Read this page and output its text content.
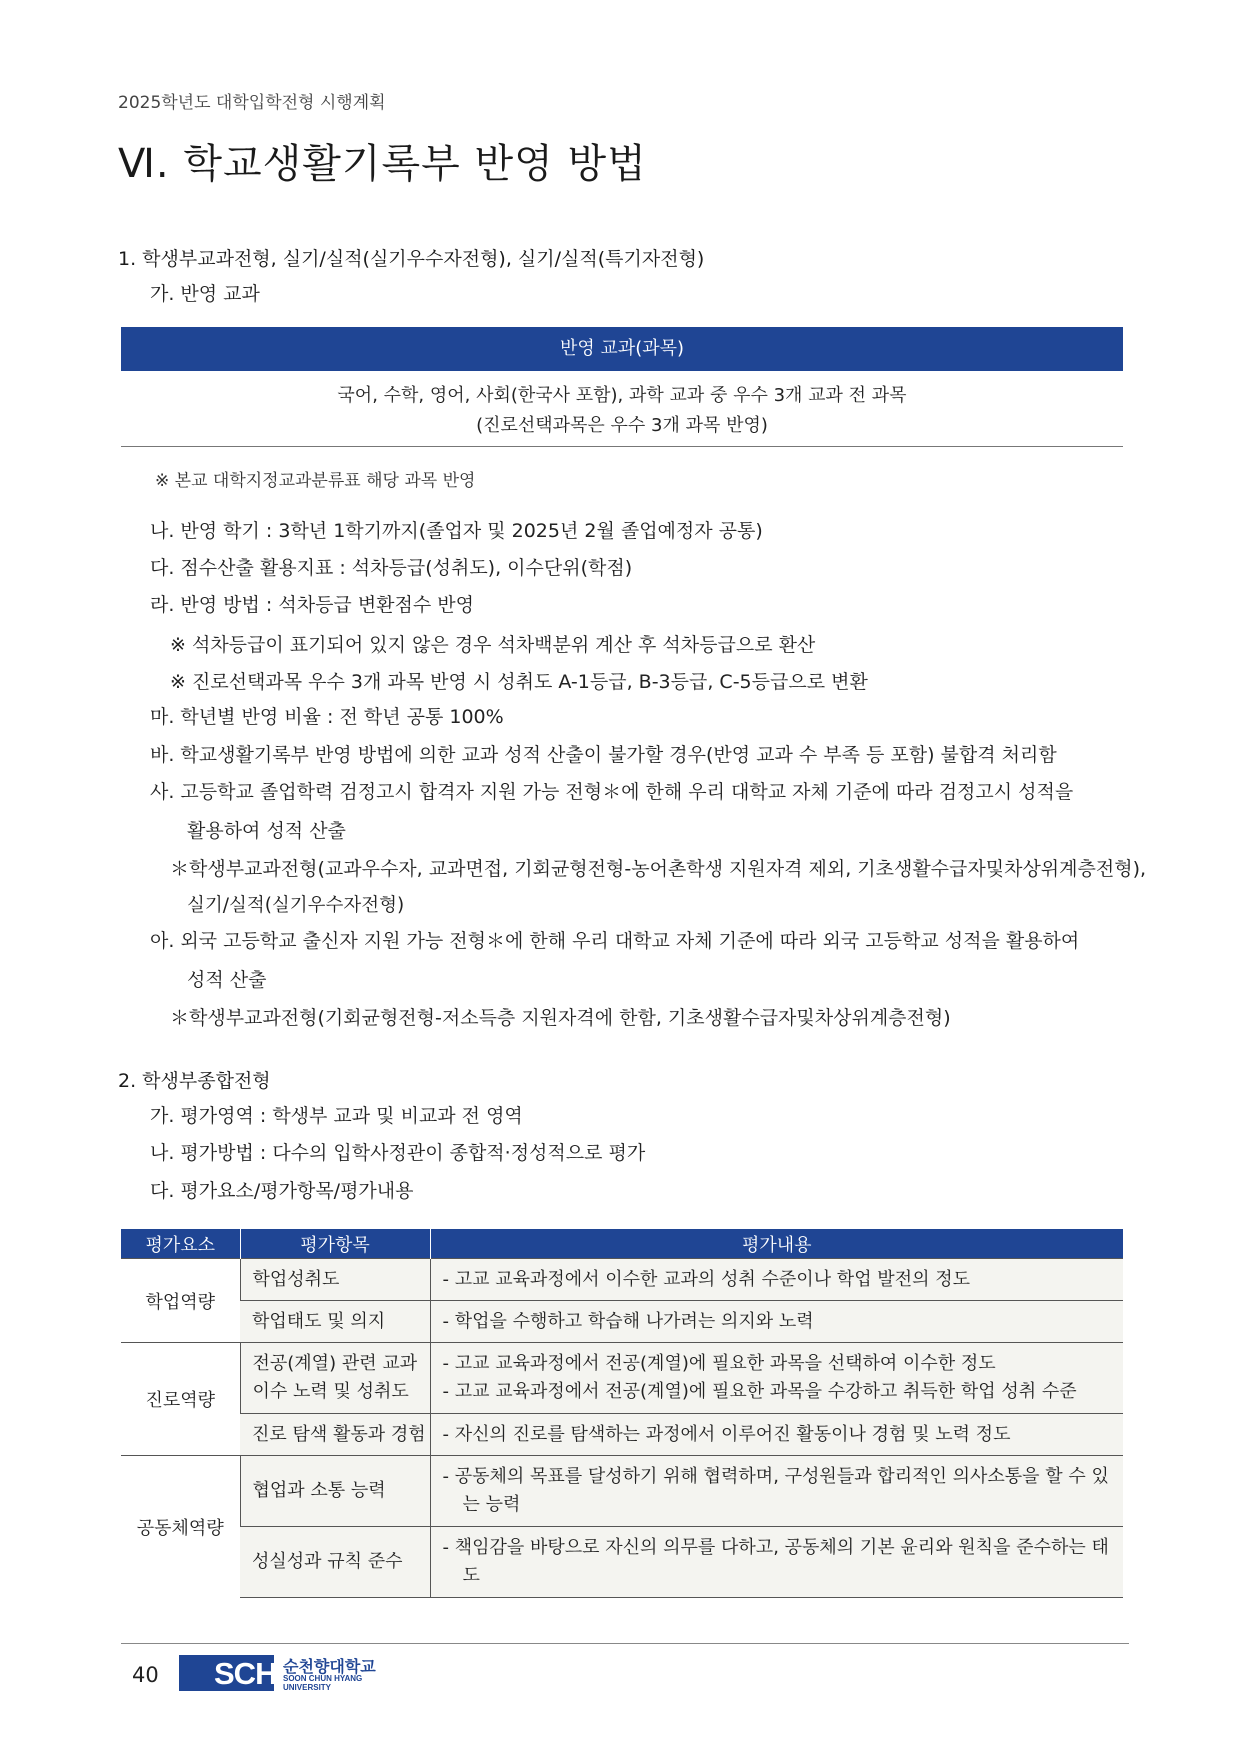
2025학년도 대학입학전형 시행계획
Ⅵ. 학교생활기록부 반영 방법
1. 학생부교과전형, 실기/실적(실기우수자전형), 실기/실적(특기자전형)
가. 반영 교과
반영 교과(과목)
국어, 수학, 영어, 사회(한국사 포함), 과학 교과 중 우수 3개 교과 전 과목
(진로선택과목은 우수 3개 과목 반영)
※ 본교 대학지정교과분류표 해당 과목 반영
나. 반영 학기 : 3학년 1학기까지(졸업자 및 2025년 2월 졸업예정자 공통)
다. 점수산출 활용지표 : 석차등급(성취도), 이수단위(학점)
라. 반영 방법 : 석차등급 변환점수 반영
※ 석차등급이 표기되어 있지 않은 경우 석차백분위 계산 후 석차등급으로 환산
※ 진로선택과목 우수 3개 과목 반영 시 성취도 A-1등급, B-3등급, C-5등급으로 변환
마. 학년별 반영 비율 : 전 학년 공통 100%
바. 학교생활기록부 반영 방법에 의한 교과 성적 산출이 불가할 경우(반영 교과 수 부족 등 포함) 불합격 처리함
사. 고등학교 졸업학력 검정고시 합격자 지원 가능 전형＊에 한해 우리 대학교 자체 기준에 따라 검정고시 성적을
활용하여 성적 산출
＊학생부교과전형(교과우수자, 교과면접, 기회균형전형-농어촌학생 지원자격 제외, 기초생활수급자및차상위계층전형),
실기/실적(실기우수자전형)
아. 외국 고등학교 출신자 지원 가능 전형＊에 한해 우리 대학교 자체 기준에 따라 외국 고등학교 성적을 활용하여
성적 산출
＊학생부교과전형(기회균형전형-저소득층 지원자격에 한함, 기초생활수급자및차상위계층전형)
2. 학생부종합전형
가. 평가영역 : 학생부 교과 및 비교과 전 영역
나. 평가방법 : 다수의 입학사정관이 종합적·정성적으로 평가
다. 평가요소/평가항목/평가내용
평가요소	평가항목	평가내용
학업역량	학업성취도	- 고교 교육과정에서 이수한 교과의 성취 수준이나 학업 발전의 정도

	학업태도 및 의지	- 학업을 수행하고 학습해 나가려는 의지와 노력

진로역량	전공(계열) 관련 교과 이수 노력 및 성취도	- 고교 교육과정에서 전공(계열)에 필요한 과목을 선택하여 이수한 정도
- 고교 교육과정에서 전공(계열)에 필요한 과목을 수강하고 취득한 학업 성취 수준

	진로 탐색 활동과 경험	- 자신의 진로를 탐색하는 과정에서 이루어진 활동이나 경험 및 노력 정도

공동체역량	협업과 소통 능력	- 공동체의 목표를 달성하기 위해 협력하며, 구성원들과 합리적인 의사소통을 할 수 있는 능력

	성실성과 규칙 준수	- 책임감을 바탕으로 자신의 의무를 다하고, 공동체의 기본 윤리와 원칙을 준수하는 태도
40 SCH 순천향대학교
SOON CHUN HYANG
UNIVERSITY
